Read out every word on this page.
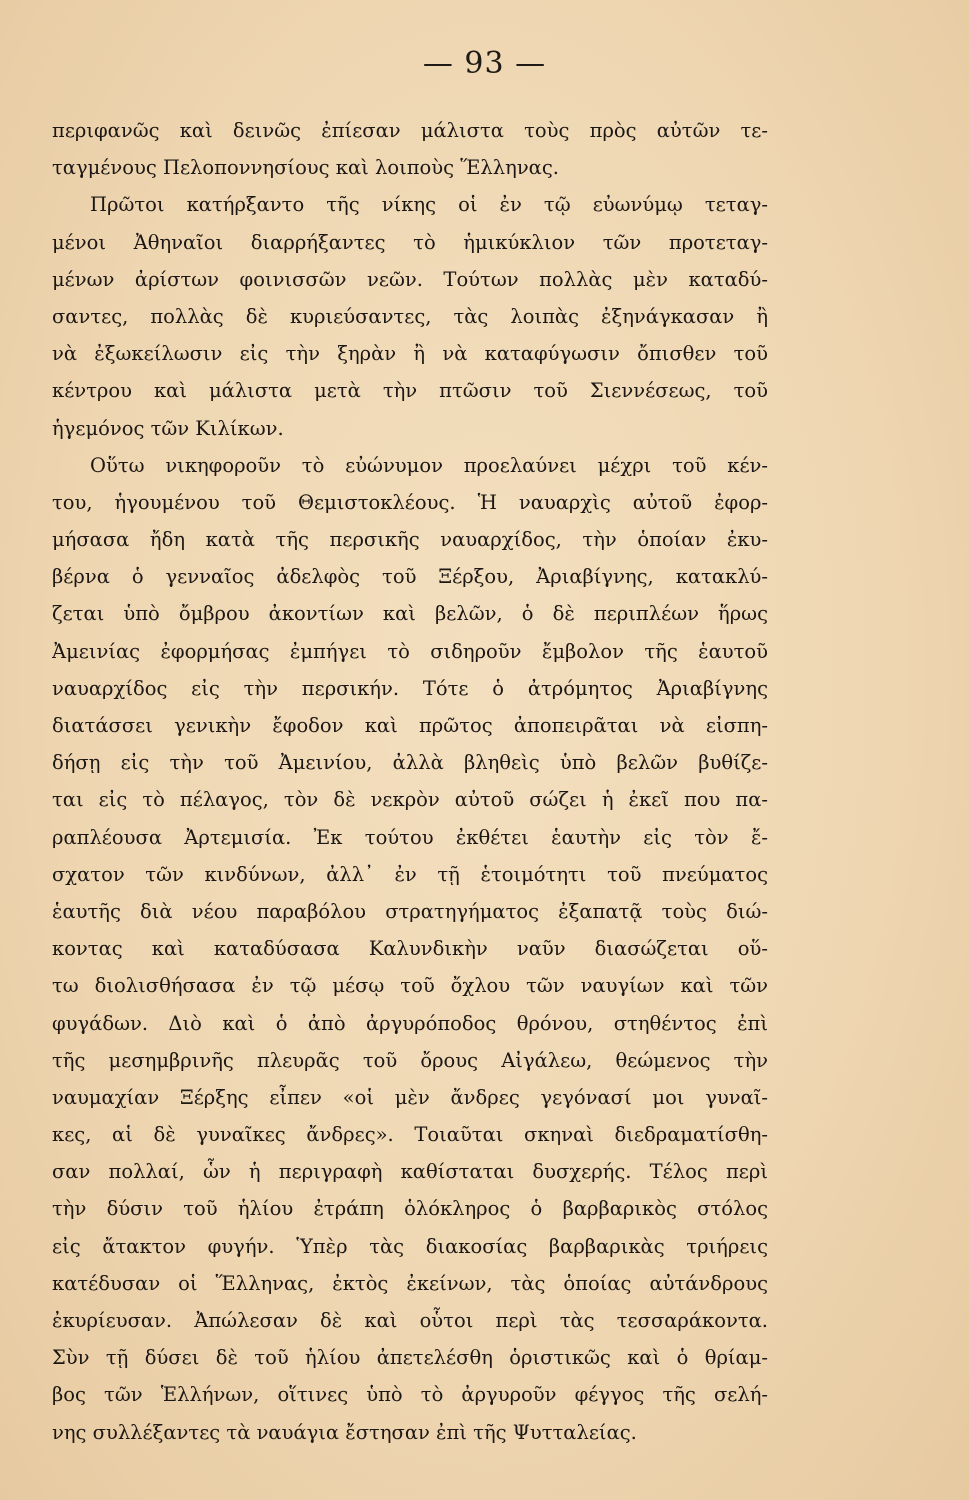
— 93 —
περιφανῶς καὶ δεινῶς ἐπίεσαν μάλιστα τοὺς πρὸς αὐτῶν τε-
ταγμένους Πελοποννησίους καὶ λοιποὺς Ἕλληνας.
Πρῶτοι κατήρξαντο τῆς νίκης οἱ ἐν τῷ εὐωνύμῳ τεταγ-
μένοι Ἀθηναῖοι διαρρήξαντες τὸ ἡμικύκλιον τῶν προτεταγ-
μένων ἀρίστων φοινισσῶν νεῶν. Τούτων πολλὰς μὲν καταδύ-
σαντες, πολλὰς δὲ κυριεύσαντες, τὰς λοιπὰς ἐξηνάγκασαν ἢ
νὰ ἐξωκείλωσιν εἰς τὴν ξηρὰν ἢ νὰ καταφύγωσιν ὄπισθεν τοῦ
κέντρου καὶ μάλιστα μετὰ τὴν πτῶσιν τοῦ Σιεννέσεως, τοῦ
ἡγεμόνος τῶν Κιλίκων.
Οὕτω νικηφοροῦν τὸ εὐώνυμον προελαύνει μέχρι τοῦ κέν-
του, ἡγουμένου τοῦ Θεμιστοκλέους. Ἡ ναυαρχὶς αὐτοῦ ἐφορ-
μήσασα ἤδη κατὰ τῆς περσικῆς ναυαρχίδος, τὴν ὁποίαν ἐκυ-
βέρνα ὁ γενναῖος ἀδελφὸς τοῦ Ξέρξου, Ἀριαβίγνης, κατακλύ-
ζεται ὑπὸ ὄμβρου ἀκοντίων καὶ βελῶν, ὁ δὲ περιπλέων ἥρως
Ἀμεινίας ἐφορμήσας ἐμπήγει τὸ σιδηροῦν ἔμβολον τῆς ἑαυτοῦ
ναυαρχίδος εἰς τὴν περσικήν. Τότε ὁ ἀτρόμητος Ἀριαβίγνης
διατάσσει γενικὴν ἔφοδον καὶ πρῶτος ἀποπειρᾶται νὰ εἰσπη-
δήσῃ εἰς τὴν τοῦ Ἀμεινίου, ἀλλὰ βληθεὶς ὑπὸ βελῶν βυθίζε-
ται εἰς τὸ πέλαγος, τὸν δὲ νεκρὸν αὐτοῦ σώζει ἡ ἐκεῖ που πα-
ραπλέουσα Ἀρτεμισία. Ἐκ τούτου ἐκθέτει ἑαυτὴν εἰς τὸν ἔ-
σχατον τῶν κινδύνων, ἀλλ᾽ ἐν τῇ ἑτοιμότητι τοῦ πνεύματος
ἑαυτῆς διὰ νέου παραβόλου στρατηγήματος ἐξαπατᾷ τοὺς διώ-
κοντας καὶ καταδύσασα Καλυνδικὴν ναῦν διασώζεται οὕ-
τω διολισθήσασα ἐν τῷ μέσῳ τοῦ ὄχλου τῶν ναυγίων καὶ τῶν
φυγάδων. Διὸ καὶ ὁ ἀπὸ ἀργυρόποδος θρόνου, στηθέντος ἐπὶ
τῆς μεσημβρινῆς πλευρᾶς τοῦ ὄρους Αἰγάλεω, θεώμενος τὴν
ναυμαχίαν Ξέρξης εἶπεν «οἱ μὲν ἄνδρες γεγόνασί μοι γυναῖ-
κες, αἱ δὲ γυναῖκες ἄνδρες». Τοιαῦται σκηναὶ διεδραματίσθη-
σαν πολλαί, ὧν ἡ περιγραφὴ καθίσταται δυσχερής. Τέλος περὶ
τὴν δύσιν τοῦ ἡλίου ἐτράπη ὁλόκληρος ὁ βαρβαρικὸς στόλος
εἰς ἄτακτον φυγήν. Ὑπὲρ τὰς διακοσίας βαρβαρικὰς τριήρεις
κατέδυσαν οἱ Ἕλληνας, ἐκτὸς ἐκείνων, τὰς ὁποίας αὐτάνδρους
ἐκυρίευσαν. Ἀπώλεσαν δὲ καὶ οὗτοι περὶ τὰς τεσσαράκοντα.
Σὺν τῇ δύσει δὲ τοῦ ἡλίου ἀπετελέσθη ὁριστικῶς καὶ ὁ θρίαμ-
βος τῶν Ἑλλήνων, οἵτινες ὑπὸ τὸ ἀργυροῦν φέγγος τῆς σελή-
νης συλλέξαντες τὰ ναυάγια ἔστησαν ἐπὶ τῆς Ψυτταλείας.
